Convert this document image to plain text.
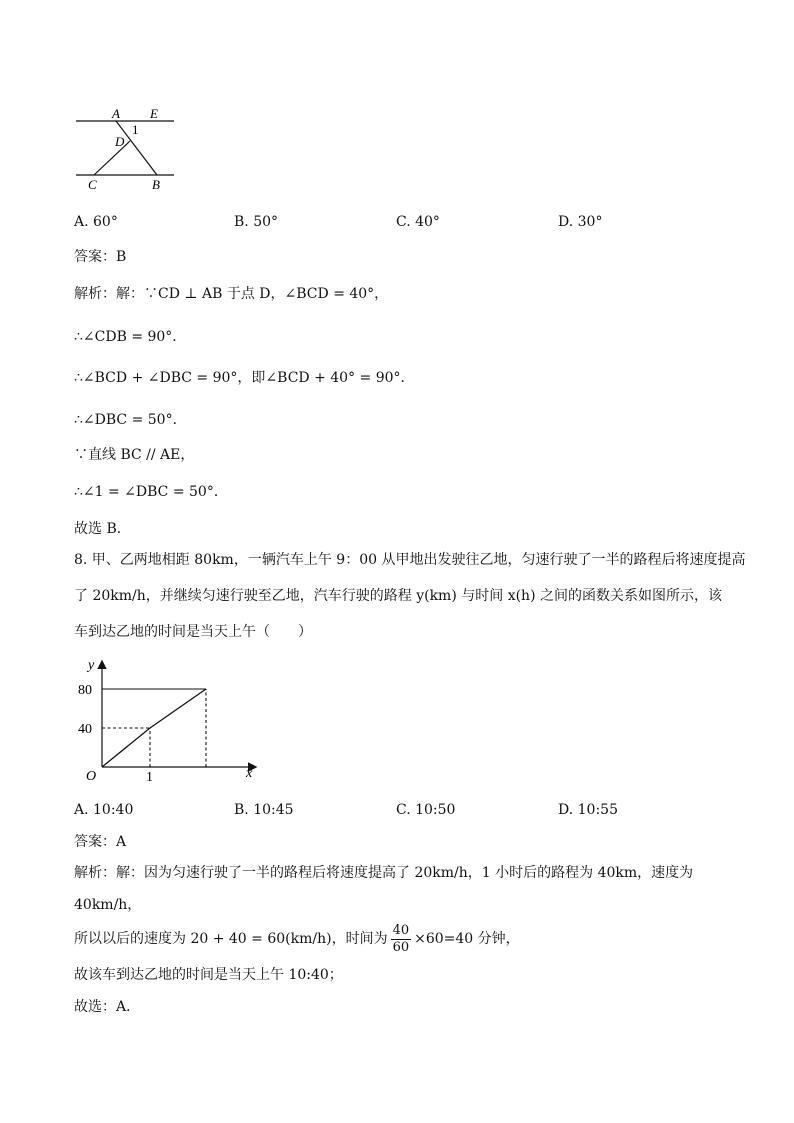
A E
1
D
C	B
A. 60°	B. 50°	C. 40°	D. 30°
答案：B
解析：解：∵CD ⊥ AB 于点 D，∠BCD = 40°，
∴∠CDB = 90°．
∴∠BCD + ∠DBC = 90°，即∠BCD + 40° = 90°．
∴∠DBC = 50°．
∵直线 BC // AE，
∴∠1 = ∠DBC = 50°．
故选 B．
8. 甲、乙两地相距 80km，一辆汽车上午 9：00 从甲地出发驶往乙地，匀速行驶了一半的路程后将速度提高
了 20km/h，并继续匀速行驶至乙地，汽车行驶的路程 y(km) 与时间 x(h) 之间的函数关系如图所示，该
车到达乙地的时间是当天上午（　　）
y
x
O
40
80
1
A. 10:40	B. 10:45	C. 10:50	D. 10:55
答案：A
解析：解：因为匀速行驶了一半的路程后将速度提高了 20km/h，1 小时后的路程为 40km，速度为
40km/h，
所以以后的速度为 20 + 40 = 60(km/h)，时间为 $\frac{40}{60} \times 60=40$ 分钟，
故该车到达乙地的时间是当天上午 10:40；
故选：A．
